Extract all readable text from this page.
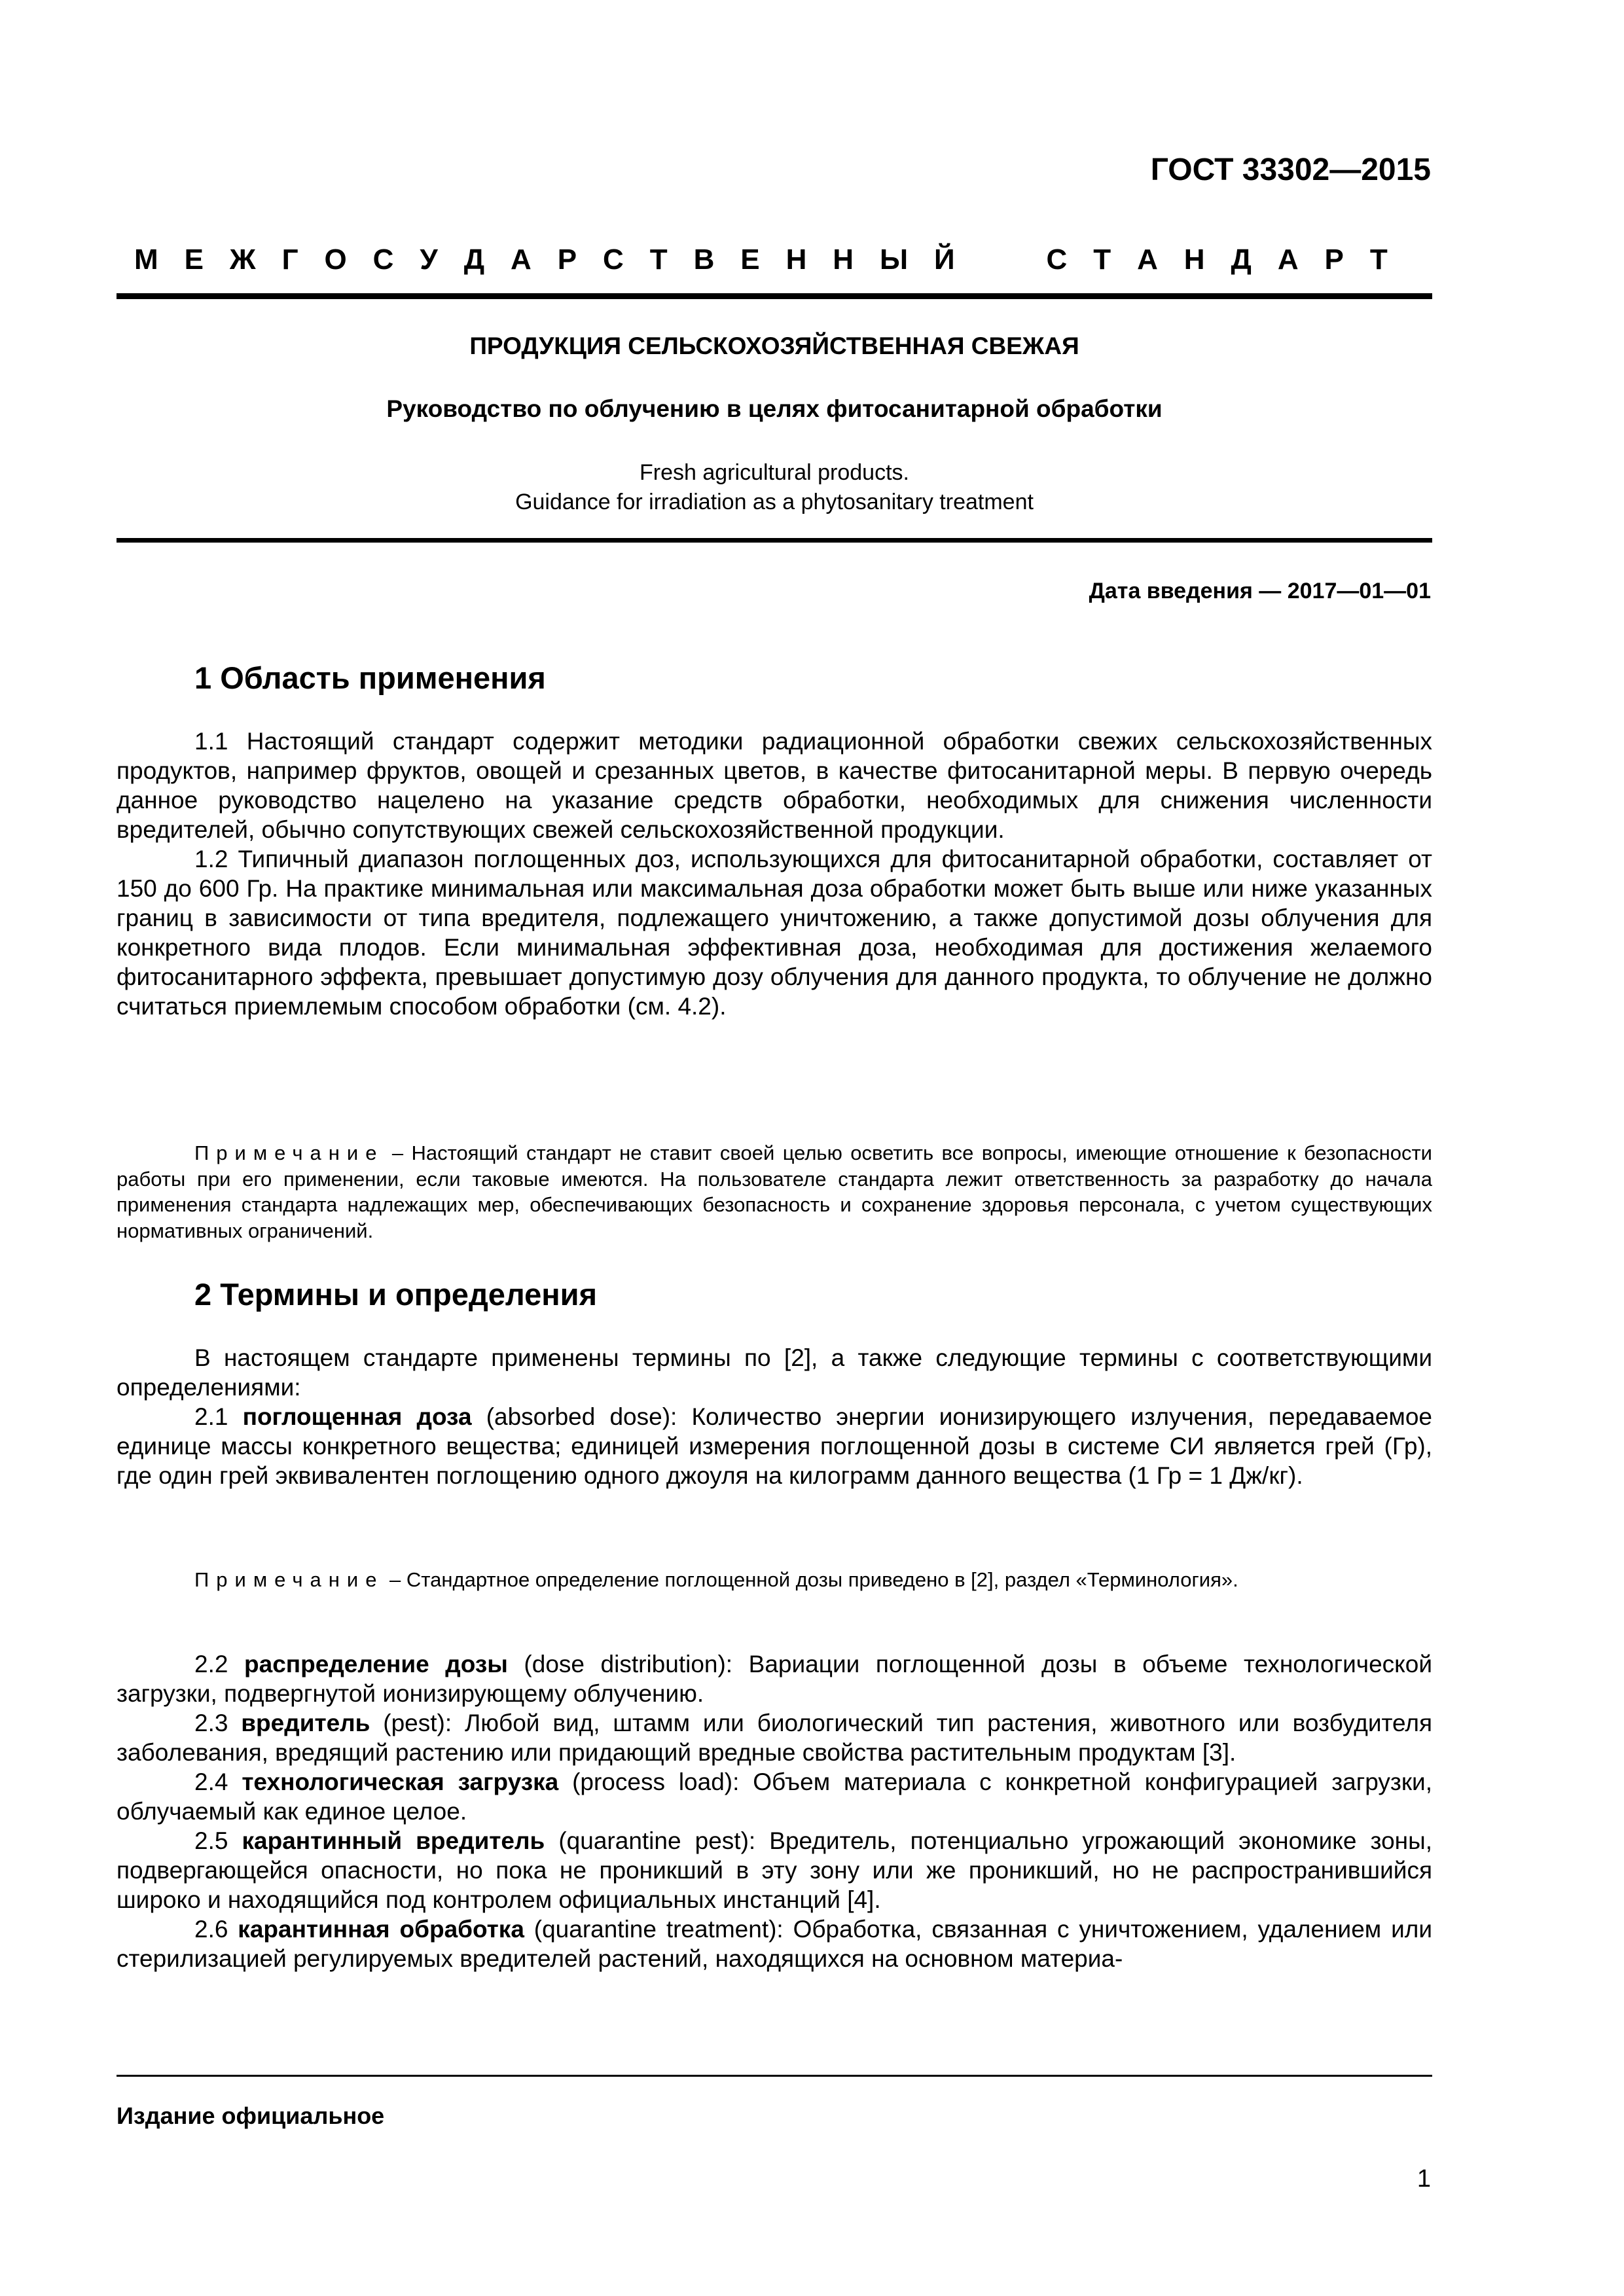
ГОСТ 33302—2015
М Е Ж Г О С У Д А Р С Т В Е Н Н Ы Й	С Т А Н Д А Р Т
ПРОДУКЦИЯ СЕЛЬСКОХОЗЯЙСТВЕННАЯ СВЕЖАЯ
Руководство по облучению в целях фитосанитарной обработки
Fresh agricultural products.
Guidance for irradiation as a phytosanitary treatment
Дата введения — 2017—01—01
1 Область применения

1.1 Настоящий стандарт содержит методики радиационной обработки свежих сельскохозяйственных продуктов, например фруктов, овощей и срезанных цветов, в качестве фитосанитарной меры. В первую очередь данное руководство нацелено на указание средств обработки, необходимых для снижения численности вредителей, обычно сопутствующих свежей сельскохозяйственной продукции.

1.2 Типичный диапазон поглощенных доз, использующихся для фитосанитарной обработки, составляет от 150 до 600 Гр. На практике минимальная или максимальная доза обработки может быть выше или ниже указанных границ в зависимости от типа вредителя, подлежащего уничтожению, а также допустимой дозы облучения для конкретного вида плодов. Если минимальная эффективная доза, необходимая для достижения желаемого фитосанитарного эффекта, превышает допустимую дозу облучения для данного продукта, то облучение не должно считаться приемлемым способом обработки (см. 4.2).

Примечание – Настоящий стандарт не ставит своей целью осветить все вопросы, имеющие отношение к безопасности работы при его применении, если таковые имеются. На пользователе стандарта лежит ответственность за разработку до начала применения стандарта надлежащих мер, обеспечивающих безопасность и сохранение здоровья персонала, с учетом существующих нормативных ограничений.

2 Термины и определения

В настоящем стандарте применены термины по [2], а также следующие термины с соответствующими определениями:

2.1 поглощенная доза (absorbed dose): Количество энергии ионизирующего излучения, передаваемое единице массы конкретного вещества; единицей измерения поглощенной дозы в системе СИ является грей (Гр), где один грей эквивалентен поглощению одного джоуля на килограмм данного вещества (1 Гр = 1 Дж/кг).

Примечание – Стандартное определение поглощенной дозы приведено в [2], раздел «Терминология».

2.2 распределение дозы (dose distribution): Вариации поглощенной дозы в объеме технологической загрузки, подвергнутой ионизирующему облучению.

2.3 вредитель (pest): Любой вид, штамм или биологический тип растения, животного или возбудителя заболевания, вредящий растению или придающий вредные свойства растительным продуктам [3].

2.4 технологическая загрузка (process load): Объем материала с конкретной конфигурацией загрузки, облучаемый как единое целое.

2.5 карантинный вредитель (quarantine pest): Вредитель, потенциально угрожающий экономике зоны, подвергающейся опасности, но пока не проникший в эту зону или же проникший, но не распространившийся широко и находящийся под контролем официальных инстанций [4].

2.6 карантинная обработка (quarantine treatment): Обработка, связанная с уничтожением, удалением или стерилизацией регулируемых вредителей растений, находящихся на основном материа-

Издание официальное
1
